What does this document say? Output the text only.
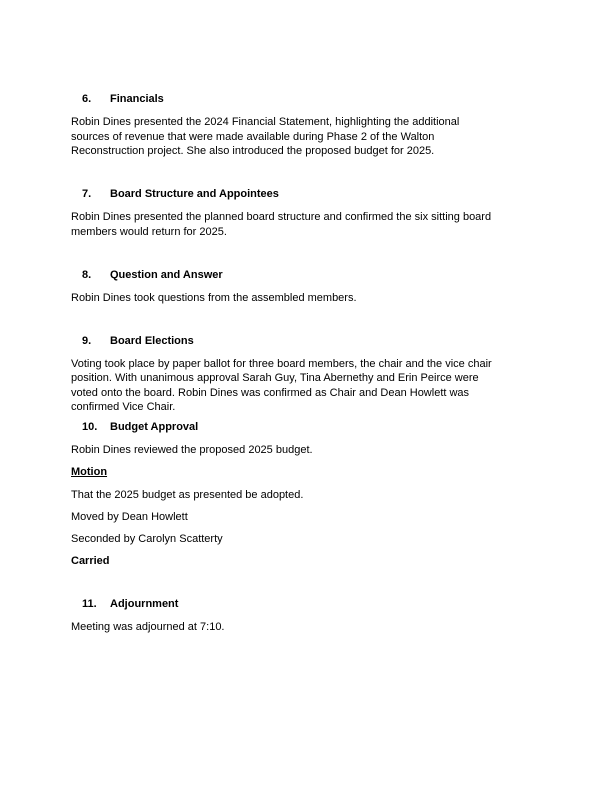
6. Financials

Robin Dines presented the 2024 Financial Statement, highlighting the additional
sources of revenue that were made available during Phase 2 of the Walton
Reconstruction project. She also introduced the proposed budget for 2025.

7. Board Structure and Appointees

Robin Dines presented the planned board structure and confirmed the six sitting board
members would return for 2025.

8. Question and Answer

Robin Dines took questions from the assembled members.

9. Board Elections

Voting took place by paper ballot for three board members, the chair and the vice chair
position. With unanimous approval Sarah Guy, Tina Abernethy and Erin Peirce were
voted onto the board. Robin Dines was confirmed as Chair and Dean Howlett was
confirmed Vice Chair.

10. Budget Approval

Robin Dines reviewed the proposed 2025 budget.

Motion

That the 2025 budget as presented be adopted.

Moved by Dean Howlett

Seconded by Carolyn Scatterty

Carried

11. Adjournment

Meeting was adjourned at 7:10.
